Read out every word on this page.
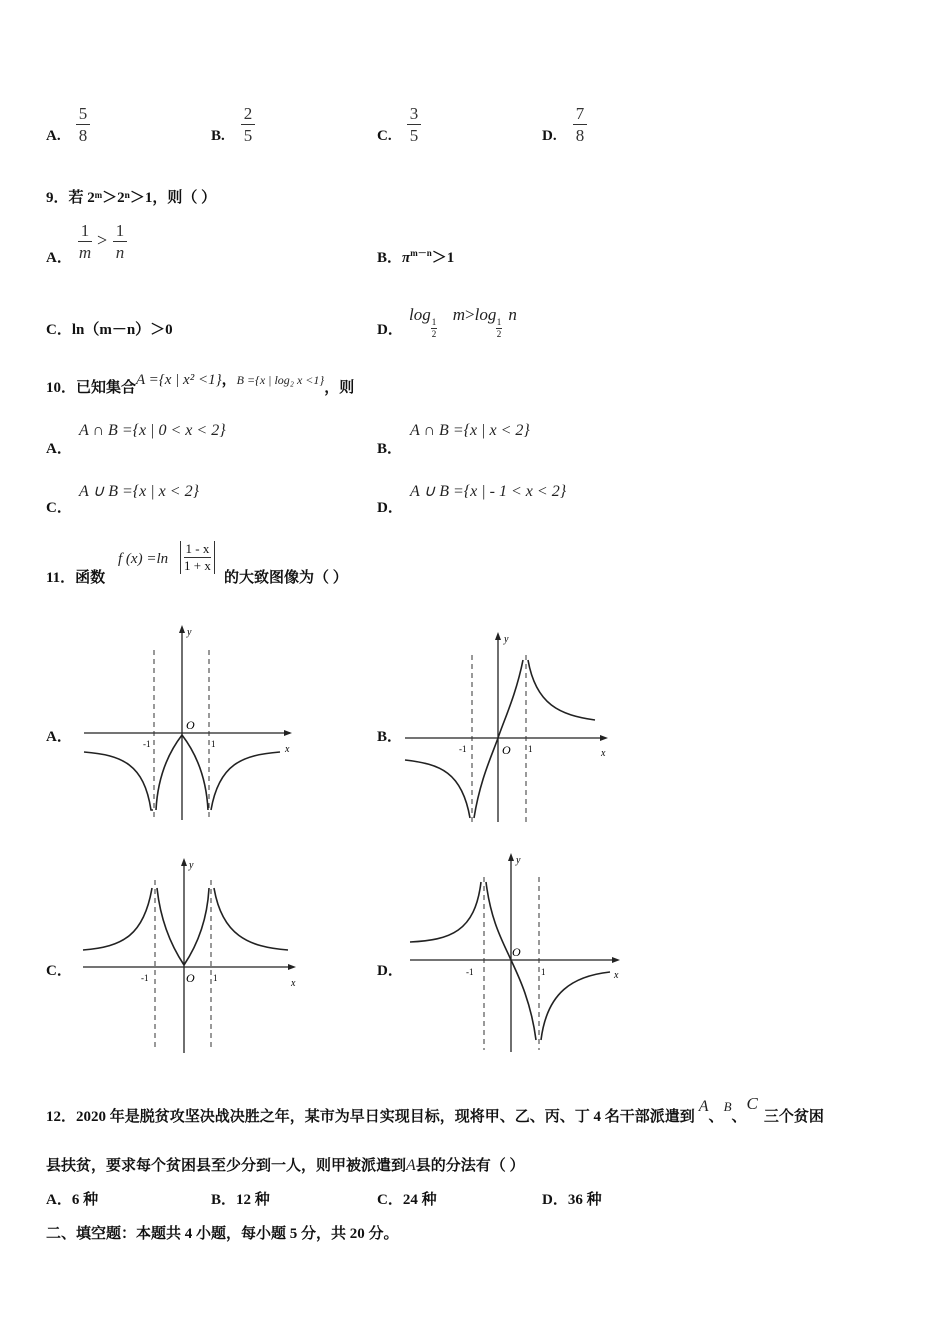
A.
5
8	B.
2
5	C.
3
5	D.
7
8
9．若 2ᵐ＞2ⁿ＞1，则（ ）
A．
1
m
> 1
n	B．$\pi^{m-n}>1$
C．ln（m－n）＞0	D．
log m>log n
1
2
1
2
10．已知集合A ={x | x² <1}，B ={x | log₂ x <1}，则
A．
A ∩ B ={x | 0 < x < 2}
B．
A ∩ B ={x | x < 2}
C．
A ∪ B ={x | x < 2}
D．
A ∪ B ={x | - 1 < x < 2}
11．函数
f (x) =ln
1 - x
1 + x
的大致图像为（ ）
A．
O
-1	1	x
y
B．
O
-1	1	x
y
C．	O
-1	1	x
y
D．
O
-1	1	x
y
12．2020 年是脱贫攻坚决战决胜之年，某市为早日实现目标，现将甲、乙、丙、丁 4 名干部派遣到A、$^B$、C三个贫困
县扶贫，要求每个贫困县至少分到一人，则甲被派遣到A县的分法有（ ）
A．6 种	B．12 种	C．24 种	D．36 种
二、填空题：本题共 4 小题，每小题 5 分，共 20 分。
